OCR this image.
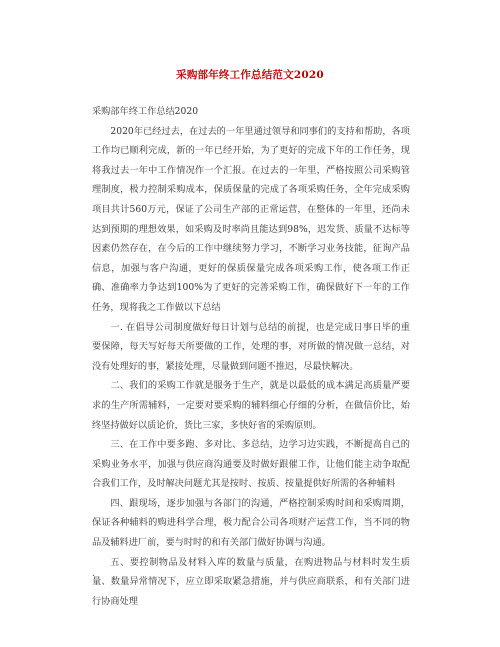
采购部年终工作总结范文2020

采购部年终工作总结2020

2020年已经过去，在过去的一年里通过领导和同事们的支持和帮助，各项工作均已顺利完成，新的一年已经开始，为了更好的完成下年的工作任务，现将我过去一年中工作情况作一个汇报。在过去的一年里，严格按照公司采购管理制度，极力控制采购成本，保质保量的完成了各项采购任务，全年完成采购项目共计560万元，保证了公司生产部的正常运营，在整体的一年里，还尚未达到预期的理想效果，如采购及时率尚且能达到98%，迟发货、质量不达标等因素仍然存在，在今后的工作中继续努力学习，不断学习业务技能，征询产品信息，加强与客户沟通，更好的保质保量完成各项采购工作，使各项工作正确、准确率力争达到100%为了更好的完善采购工作，确保做好下一年的工作任务，现将我之工作做以下总结

一. 在倡导公司制度做好每日计划与总结的前提，也是完成日事日毕的重要保障，每天写好每天所要做的工作，处理的事，对所做的情况做一总结，对没有处理好的事，紧接处理，尽量做到问题不推迟，尽最快解决。

二、我们的采购工作就是服务于生产，就是以最低的成本满足高质量严要求的生产所需辅料，一定要对要采购的辅料细心仔细的分析，在做信价比，始终坚持做好以质论价，货比三家，多快好省的采购原则。

三、在工作中要多跑、多对比、多总结，边学习边实践，不断提高自己的采购业务水平，加强与供应商沟通要及时做好跟催工作，让他们能主动争取配合我们工作，及时解决问题尤其是按时、按质、按量提供好所需的各种辅料

四、跟现场，逐步加强与各部门的沟通，严格控制采购时间和采购周期，保证各种辅料的购进科学合理，极力配合公司各项财产运营工作，当不同的物品及辅料进厂前，要与时时的和有关部门做好协调与沟通。

五、要控制物品及材料入库的数量与质量，在购进物品与材料时发生质量、数量异常情况下，应立即采取紧急措施，并与供应商联系，和有关部门进行协商处理

.
